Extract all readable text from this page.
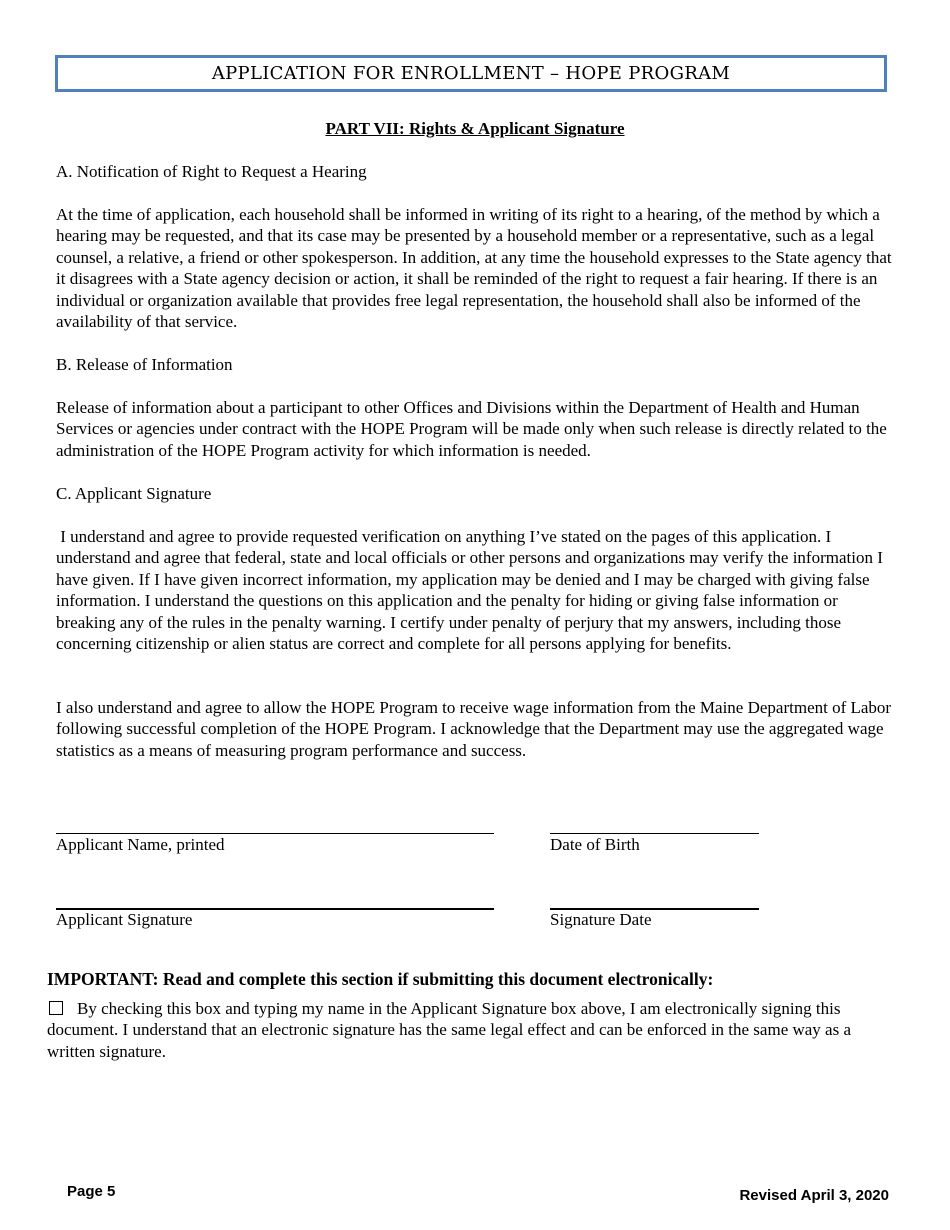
APPLICATION FOR ENROLLMENT – HOPE PROGRAM
PART VII: Rights & Applicant Signature
A. Notification of Right to Request a Hearing

At the time of application, each household shall be informed in writing of its right to a hearing, of the method by which a hearing may be requested, and that its case may be presented by a household member or a representative, such as a legal counsel, a relative, a friend or other spokesperson. In addition, at any time the household expresses to the State agency that it disagrees with a State agency decision or action, it shall be reminded of the right to request a fair hearing. If there is an individual or organization available that provides free legal representation, the household shall also be informed of the availability of that service.

B. Release of Information

Release of information about a participant to other Offices and Divisions within the Department of Health and Human Services or agencies under contract with the HOPE Program will be made only when such release is directly related to the administration of the HOPE Program activity for which information is needed.

C. Applicant Signature

I understand and agree to provide requested verification on anything I’ve stated on the pages of this application. I understand and agree that federal, state and local officials or other persons and organizations may verify the information I have given. If I have given incorrect information, my application may be denied and I may be charged with giving false information. I understand the questions on this application and the penalty for hiding or giving false information or breaking any of the rules in the penalty warning. I certify under penalty of perjury that my answers, including those concerning citizenship or alien status are correct and complete for all persons applying for benefits.

I also understand and agree to allow the HOPE Program to receive wage information from the Maine Department of Labor following successful completion of the HOPE Program. I acknowledge that the Department may use the aggregated wage statistics as a means of measuring program performance and success.

Applicant Name, printed	Date of Birth
Applicant Signature	Signature Date
IMPORTANT: Read and complete this section if submitting this document electronically:

By checking this box and typing my name in the Applicant Signature box above, I am electronically signing this document. I understand that an electronic signature has the same legal effect and can be enforced in the same way as a written signature.

Page 5	Revised April 3, 2020
